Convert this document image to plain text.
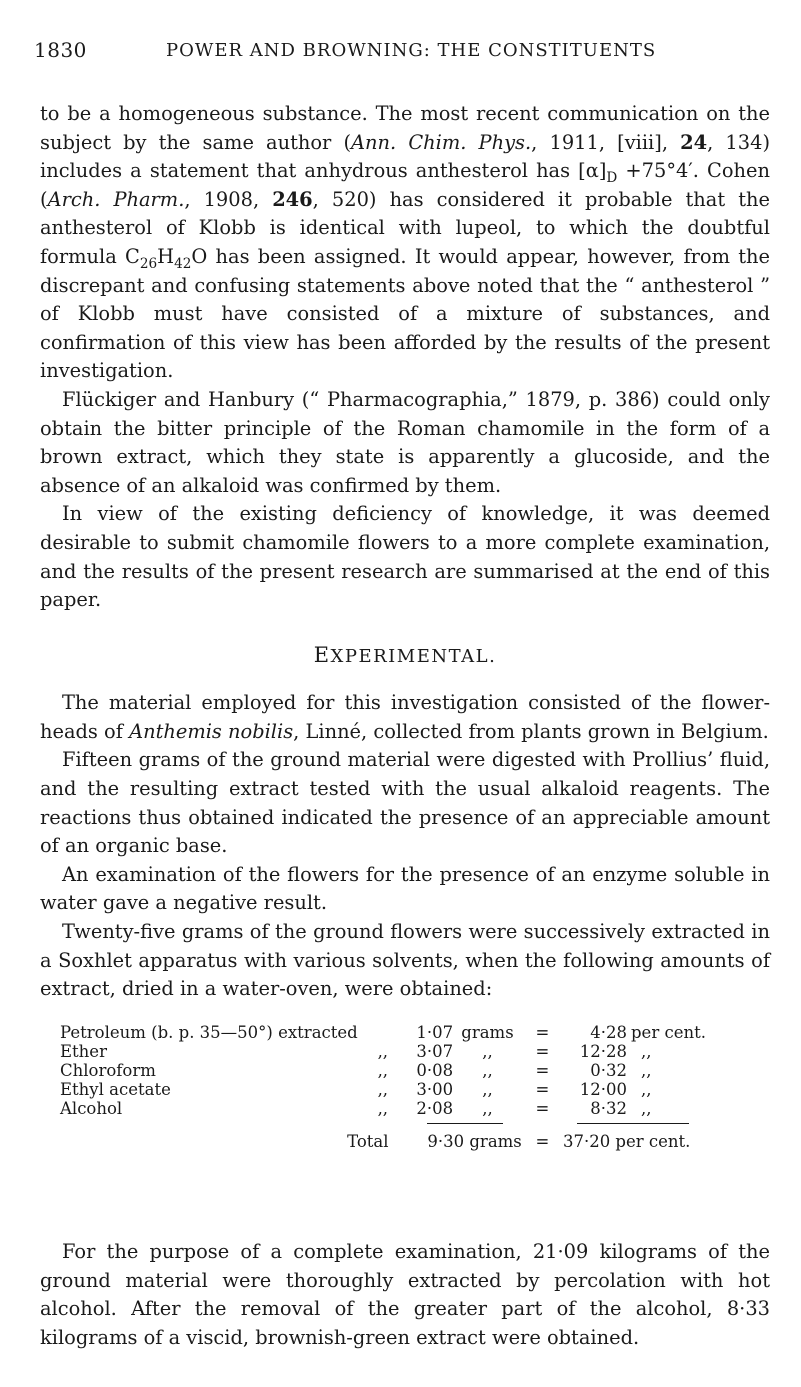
1830	POWER AND BROWNING: THE CONSTITUENTS

to be a homogeneous substance. The most recent communication on the subject by the same author (Ann. Chim. Phys., 1911, [viii], 24, 134) includes a statement that anhydrous anthesterol has $[\alpha]_D +75^\circ 4'$. Cohen (Arch. Pharm., 1908, 246, 520) has considered it probable that the anthesterol of Klobb is identical with lupeol, to which the doubtful formula $C_{26}H_{42}O$ has been assigned. It would appear, however, from the discrepant and confusing statements above noted that the “ anthesterol ” of Klobb must have consisted of a mixture of substances, and confirmation of this view has been afforded by the results of the present investigation.

Flückiger and Hanbury (“ Pharmacographia,” 1879, p. 386) could only obtain the bitter principle of the Roman chamomile in the form of a brown extract, which they state is apparently a glucoside, and the absence of an alkaloid was confirmed by them.

In view of the existing deficiency of knowledge, it was deemed desirable to submit chamomile flowers to a more complete examination, and the results of the present research are summarised at the end of this paper.

EXPERIMENTAL.

The material employed for this investigation consisted of the flower-heads of Anthemis nobilis, Linné, collected from plants grown in Belgium.

Fifteen grams of the ground material were digested with Prollius’ fluid, and the resulting extract tested with the usual alkaloid reagents. The reactions thus obtained indicated the presence of an appreciable amount of an organic base.

An examination of the flowers for the presence of an enzyme soluble in water gave a negative result.

Twenty-five grams of the ground flowers were successively extracted in a Soxhlet apparatus with various solvents, when the following amounts of extract, dried in a water-oven, were obtained:

Petroleum (b. p. 35—50°) extracted		1·07	grams	=	4·28	per cent.
Ether	,,	3·07	,,	=	12·28	,,
Chloroform	,,	0·08	,,	=	0·32	,,
Ethyl acetate	,,	3·00	,,	=	12·00	,,
Alcohol	,,	2·08	,,	=	8·32	,,

Total		9·30 grams		=	37·20 per cent.	

For the purpose of a complete examination, 21·09 kilograms of the ground material were thoroughly extracted by percolation with hot alcohol. After the removal of the greater part of the alcohol, 8·33 kilograms of a viscid, brownish-green extract were obtained.
